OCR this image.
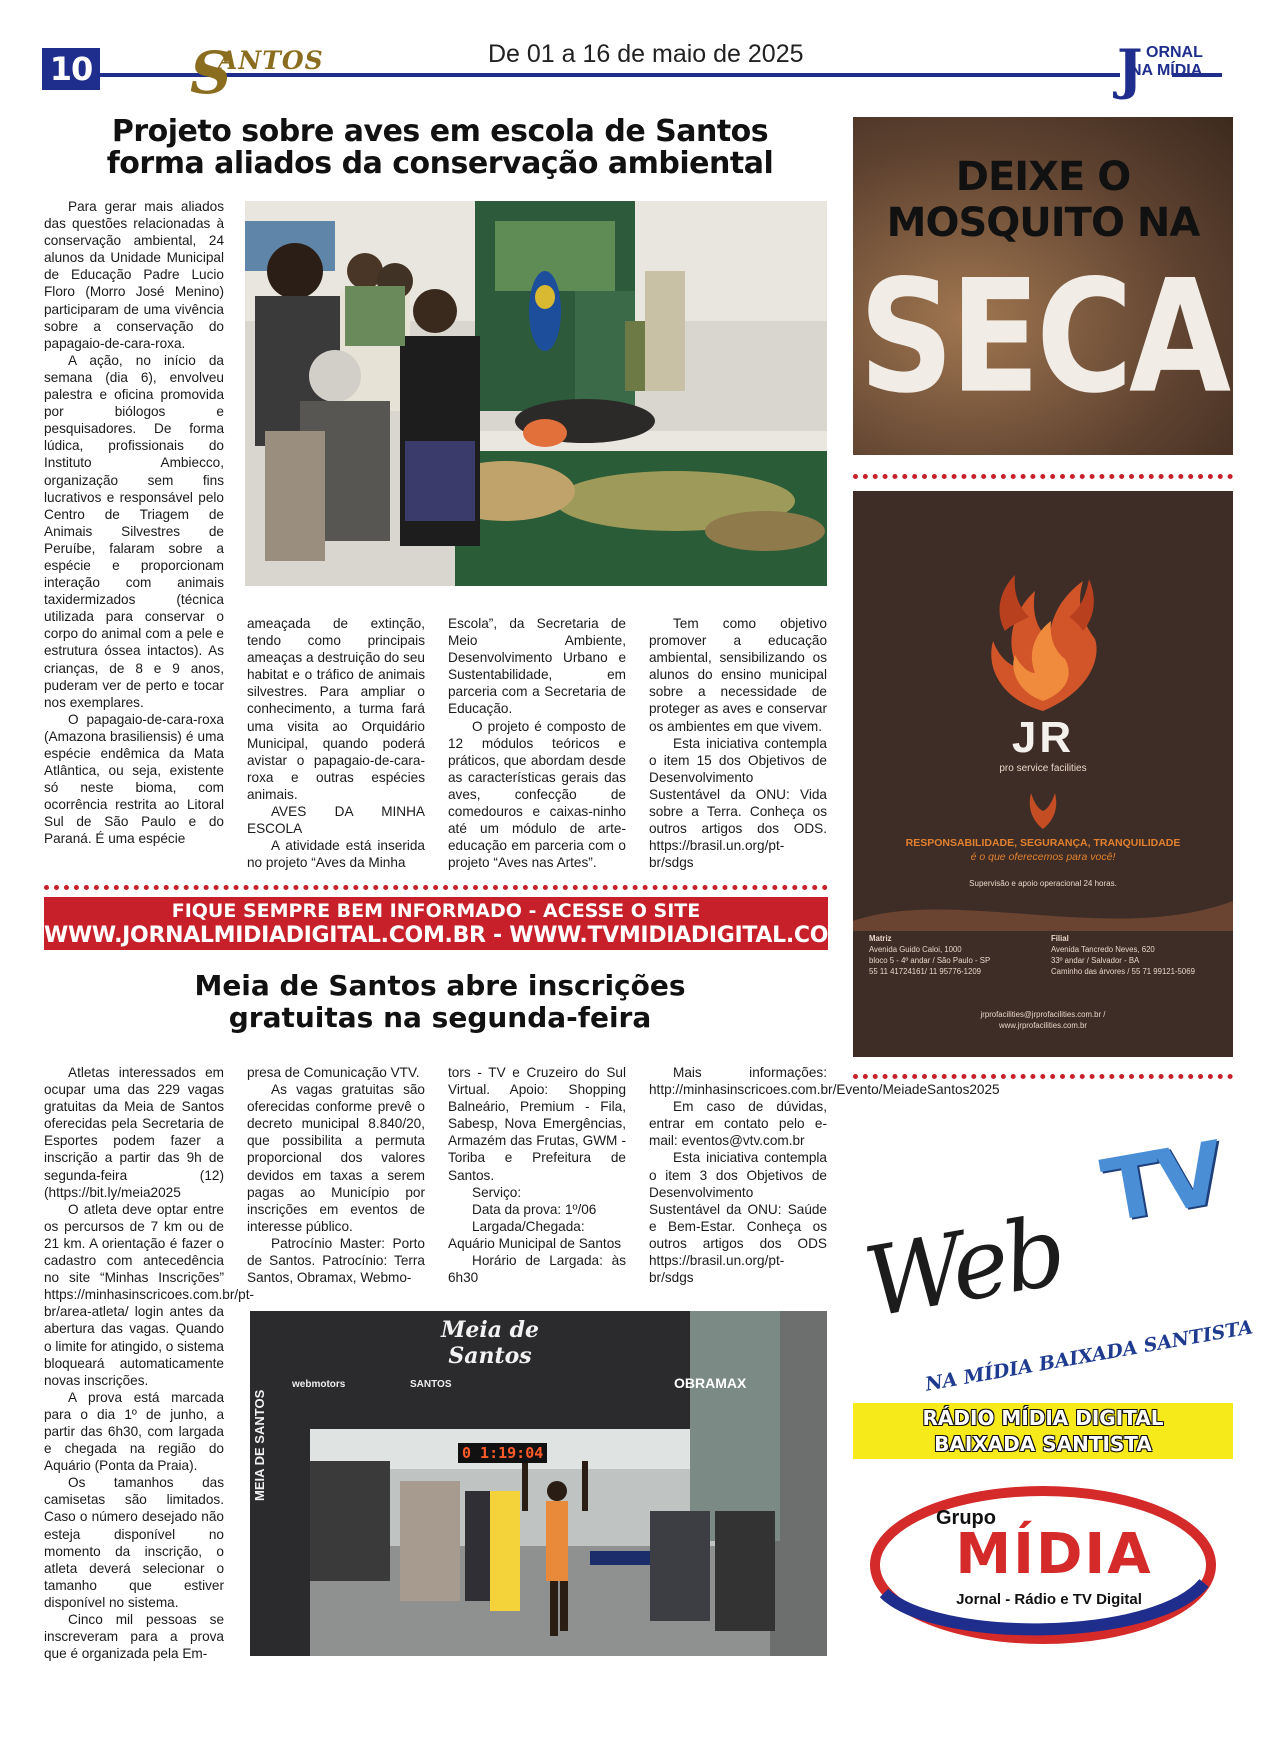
10 S
ANTOS	De 01 a 16 de maio de 2025	J ORNAL
NA MÍDIA
Projeto sobre aves em escola de Santos
forma aliados da conservação ambiental

Para gerar mais aliados das questões relacionadas à conservação ambiental, 24 alunos da Unidade Municipal de Educação Padre Lucio Floro (Morro José Menino) participaram de uma vivência sobre a conservação do papagaio-de-cara-roxa.

A ação, no início da semana (dia 6), envolveu palestra e oficina promovida por biólogos e pesquisadores. De forma lúdica, profissionais do Instituto Ambiecco, organização sem fins lucrativos e responsável pelo Centro de Triagem de Animais Silvestres de Peruíbe, falaram sobre a espécie e proporcionam interação com animais taxidermizados (técnica utilizada para conservar o corpo do animal com a pele e estrutura óssea intactos). As crianças, de 8 e 9 anos, puderam ver de perto e tocar nos exemplares.

O papagaio-de-cara-roxa (Amazona brasiliensis) é uma espécie endêmica da Mata Atlântica, ou seja, existente só neste bioma, com ocorrência restrita ao Litoral Sul de São Paulo e do Paraná. É uma espécie

ameaçada de extinção, tendo como principais ameaças a destruição do seu habitat e o tráfico de animais silvestres. Para ampliar o conhecimento, a turma fará uma visita ao Orquidário Municipal, quando poderá avistar o papagaio-de-cara-roxa e outras espécies animais.

AVES DA MINHA ESCOLA

A atividade está inserida no projeto “Aves da Minha

Escola”, da Secretaria de Meio Ambiente, Desenvolvimento Urbano e Sustentabilidade, em parceria com a Secretaria de Educação.

O projeto é composto de 12 módulos teóricos e práticos, que abordam desde as características gerais das aves, confecção de comedouros e caixas-ninho até um módulo de arte-educação em parceria com o projeto “Aves nas Artes”.

Tem como objetivo promover a educação ambiental, sensibilizando os alunos do ensino municipal sobre a necessidade de proteger as aves e conservar os ambientes em que vivem.

Esta iniciativa contempla o item 15 dos Objetivos de Desenvolvimento Sustentável da ONU: Vida sobre a Terra. Conheça os outros artigos dos ODS. https://brasil.un.org/pt-br/sdgs

FIQUE SEMPRE BEM INFORMADO - ACESSE O SITE
WWW.JORNALMIDIADIGITAL.COM.BR - WWW.TVMIDIADIGITAL.COM
Meia de Santos abre inscrições
gratuitas na segunda-feira

Atletas interessados em ocupar uma das 229 vagas gratuitas da Meia de Santos oferecidas pela Secretaria de Esportes podem fazer a inscrição a partir das 9h de segunda-feira (12) (https://bit.ly/meia2025

O atleta deve optar entre os percursos de 7 km ou de 21 km. A orientação é fazer o cadastro com antecedência no site “Minhas Inscrições” https://minhasinscricoes.com.br/pt-br/area-atleta/ login antes da abertura das vagas. Quando o limite for atingido, o sistema bloqueará automaticamente novas inscrições.

A prova está marcada para o dia 1º de junho, a partir das 6h30, com largada e chegada na região do Aquário (Ponta da Praia).

Os tamanhos das camisetas são limitados. Caso o número desejado não esteja disponível no momento da inscrição, o atleta deverá selecionar o tamanho que estiver disponível no sistema.

Cinco mil pessoas se inscreveram para a prova que é organizada pela Em-

presa de Comunicação VTV.

As vagas gratuitas são oferecidas conforme prevê o decreto municipal 8.840/20, que possibilita a permuta proporcional dos valores devidos em taxas a serem pagas ao Município por inscrições em eventos de interesse público.

Patrocínio Master: Porto de Santos. Patrocínio: Terra Santos, Obramax, Webmo-

tors - TV e Cruzeiro do Sul Virtual. Apoio: Shopping Balneário, Premium - Fila, Sabesp, Nova Emergências, Armazém das Frutas, GWM - Toriba e Prefeitura de Santos.

Serviço:

Data da prova: 1º/06

Largada/Chegada: Aquário Municipal de Santos

Horário de Largada: às 6h30

Mais informações: http://minhasinscricoes.com.br/Evento/MeiadeSantos2025

Em caso de dúvidas, entrar em contato pelo e-mail: eventos@vtv.com.br

Esta iniciativa contempla o item 3 dos Objetivos de Desenvolvimento Sustentável da ONU: Saúde e Bem-Estar. Conheça os outros artigos dos ODS https://brasil.un.org/pt-br/sdgs

Meia de Santos
webmotors	SANTOS	OBRAMAX
0 1:19:04
MEIA DE SANTOS
DEIXE O
MOSQUITO NA
SECA
JR
pro service facilities
RESPONSABILIDADE, SEGURANÇA, TRANQUILIDADE
é o que oferecemos para você!
Supervisão e apoio operacional 24 horas.
Matriz
Avenida Guido Caloi, 1000
bloco 5 - 4º andar / São Paulo - SP
55 11 41724161/ 11 95776-1209
Filial
Avenida Tancredo Neves, 620
33º andar / Salvador - BA
Caminho das árvores / 55 71 99121-5069
jrprofacilities@jrprofacilities.com.br /
www.jrprofacilities.com.br
Web
TV
NA MÍDIA BAIXADA SANTISTA
RÁDIO MÍDIA DIGITAL
BAIXADA SANTISTA
Grupo
MÍDIA
Jornal - Rádio e TV Digital
